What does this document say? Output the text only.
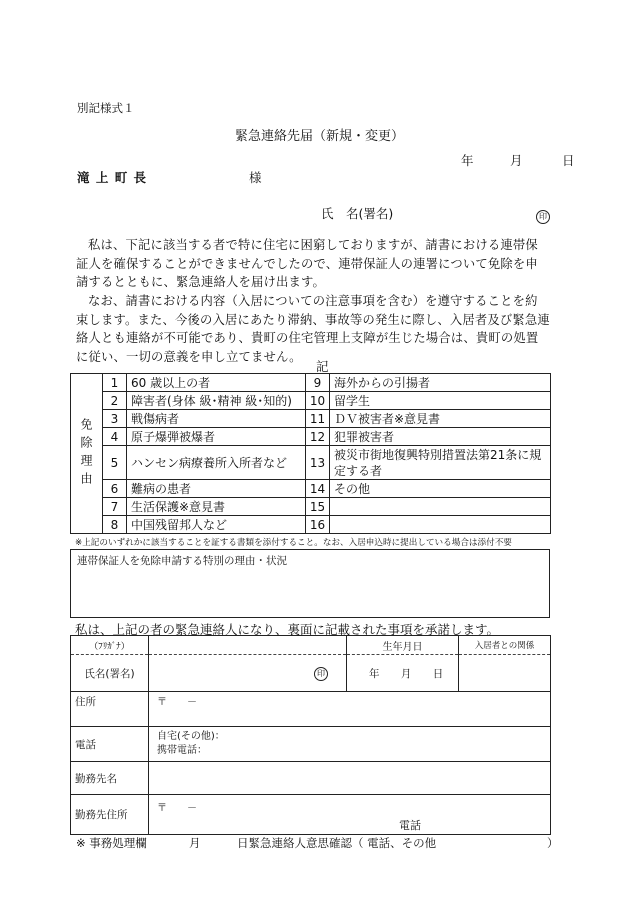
別記様式１
緊急連絡先届（新規・変更）
年	月	日
滝 上 町 長	様
氏　名(署名)	印
私は、下記に該当する者で特に住宅に困窮しておりますが、請書における連帯保証人を確保することができませんでしたので、連帯保証人の連署について免除を申請するとともに、緊急連絡人を届け出ます。
なお、請書における内容（入居についての注意事項を含む）を遵守することを約束します。また、今後の入居にあたり滞納、事故等の発生に際し、入居者及び緊急連絡人とも連絡が不可能であり、貴町の住宅管理上支障が生じた場合は、貴町の処置に従い、一切の意義を申し立てません。
記
免除理由	1	60 歳以上の者	9	海外からの引揚者
	2	障害者(身体 級･精神 級･知的)	10	留学生
	3	戦傷病者	11	ＤＶ被害者※意見書
	4	原子爆弾被爆者	12	犯罪被害者
	5	ハンセン病療養所入所者など	13	被災市街地復興特別措置法第21条に規定する者
	6	難病の患者	14	その他
	7	生活保護※意見書	15	
	8	中国残留邦人など	16	
※上記のいずれかに該当することを証する書類を添付すること。なお、入居申込時に提出している場合は添付不要
連帯保証人を免除申請する特別の理由・状況
私は、上記の者の緊急連絡人になり、裏面に記載された事項を承諾します。
（ﾌﾘｶﾞﾅ）		生年月日	入居者との関係
氏名(署名)	印	年 月 日	
住所	〒　　－		
電話	自宅(その他)：
携帯電話：		

勤務先名			
勤務先住所	〒　　－
電話		
※ 事務処理欄	月	日緊急連絡人意思確認（ 電話、その他	）
